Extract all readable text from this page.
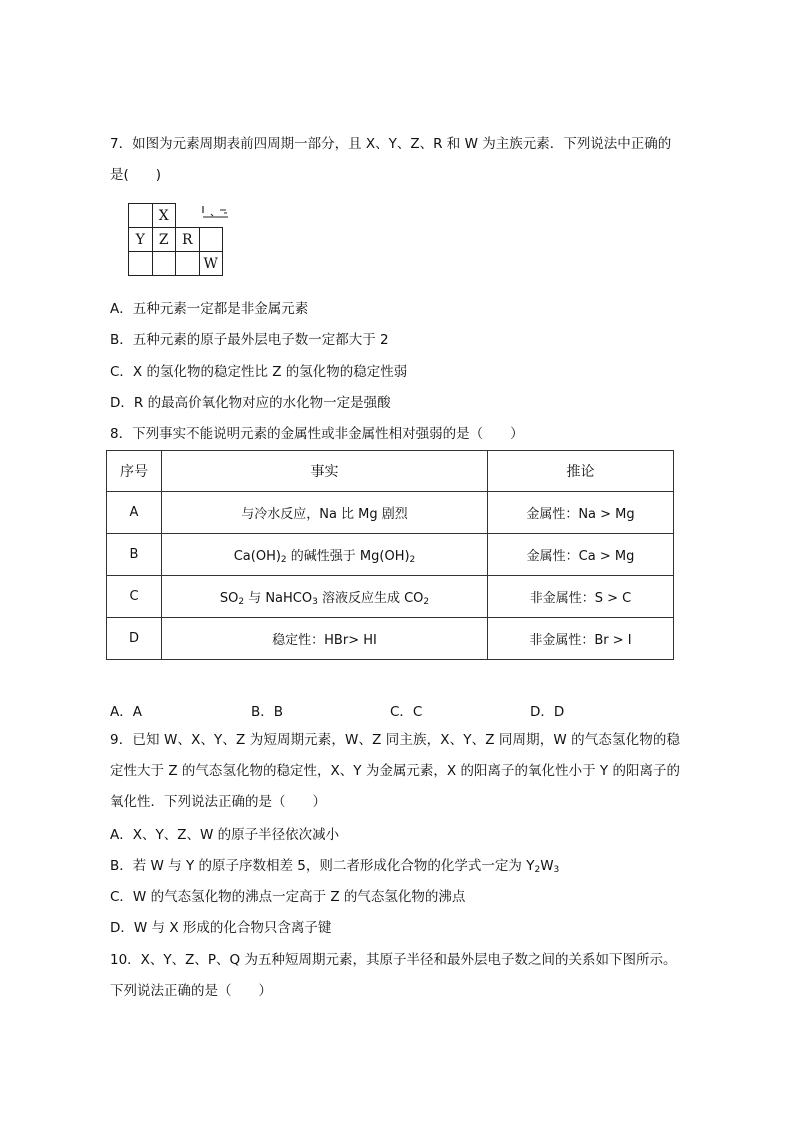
7．如图为元素周期表前四周期一部分，且 X、Y、Z、R 和 W 为主族元素．下列说法中正确的
是(　　)
	X		
Y	Z	R	
			W
A．五种元素一定都是非金属元素
B．五种元素的原子最外层电子数一定都大于 2
C．X 的氢化物的稳定性比 Z 的氢化物的稳定性弱
D．R 的最高价氧化物对应的水化物一定是强酸
8．下列事实不能说明元素的金属性或非金属性相对强弱的是（　　）
序号	事实	推论
A	与冷水反应，Na 比 Mg 剧烈	金属性：Na > Mg
B	$Ca(OH)_2$ 的碱性强于 $Mg(OH)_2$	金属性：Ca > Mg
C	$SO_2$ 与 NaHCO$_3$ 溶液反应生成 $CO_2$	非金属性：S > C
D	稳定性：HBr> HI	非金属性：Br > I
A．A	B．B	C．C	D．D
9．已知 W、X、Y、Z 为短周期元素，W、Z 同主族，X、Y、Z 同周期，W 的气态氢化物的稳定性大于 Z 的气态氢化物的稳定性，X、Y 为金属元素，X 的阳离子的氧化性小于 Y 的阳离子的氧化性．下列说法正确的是（　　）
A．X、Y、Z、W 的原子半径依次减小
B．若 W 与 Y 的原子序数相差 5，则二者形成化合物的化学式一定为 $Y_2W_3$
C．W 的气态氢化物的沸点一定高于 Z 的气态氢化物的沸点
D．W 与 X 形成的化合物只含离子键
10．X、Y、Z、P、Q 为五种短周期元素，其原子半径和最外层电子数之间的关系如下图所示。
下列说法正确的是（　　）
